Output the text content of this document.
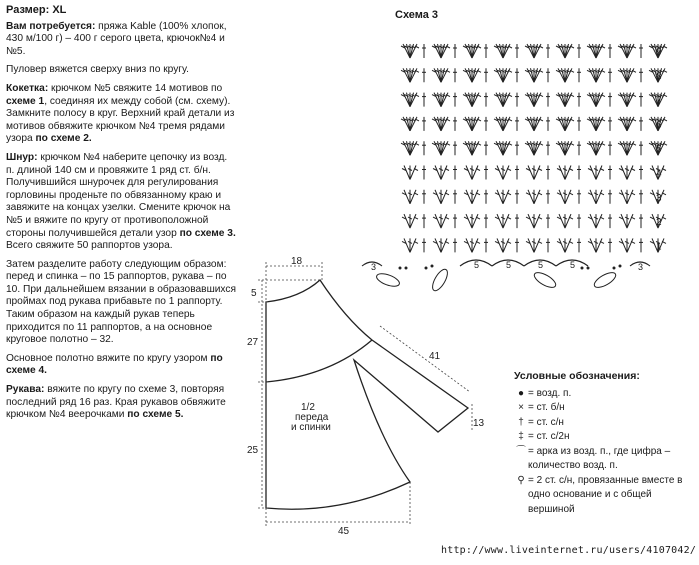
Размер: XL

Вам потребуется: пряжа Kable (100% хлопок, 430 м/100 г) – 400 г серого цвета, крючок№4 и №5.

Пуловер вяжется сверху вниз по кругу.

Кокетка: крючком №5 свяжите 14 мотивов по схеме 1, соединяя их между собой (см. схему). Замкните полосу в круг. Верхний край детали из мотивов обвяжите крючком №4 тремя рядами узора по схеме 2.

Шнур: крючком №4 наберите цепочку из возд. п. длиной 140 см и провяжите 1 ряд ст. б/н. Получившийся шнурочек для регулирования горловины проденьте по обвязанному краю и завяжите на концах узелки. Смените крючок на №5 и вяжите по кругу от противоположной стороны получившейся детали узор по схеме 3. Всего свяжите 50 раппортов узора.

Затем разделите работу следующим образом: перед и спинка – по 15 раппортов, рукава – по 10. При дальнейшем вязании в образовавшихся проймах под рукава прибавьте по 1 раппорту. Таким образом на каждый рукав теперь приходится по 11 раппортов, а на основное круговое полотно – 32.

Основное полотно вяжите по кругу узором по схеме 4.

Рукава: вяжите по кругу по схеме 3, повторяя последний ряд 16 раз. Края рукавов обвяжите крючком №4 веерочками по схеме 5.

18
5
27
25
45
41
13
1/2
переда
и спинки
Схема 3
9
8
7
6
5
4
3
2
1
3	5	5	5	5	3
Условные обозначения:
● = возд. п.
× = ст. б/н
† = ст. с/н
‡ = ст. с/2н
⌒ = арка из возд. п., где цифра – количество возд. п.
⚲ = 2 ст. с/н, провязанные вместе в одно основание и с общей вершиной
http://www.liveinternet.ru/users/4107042/
